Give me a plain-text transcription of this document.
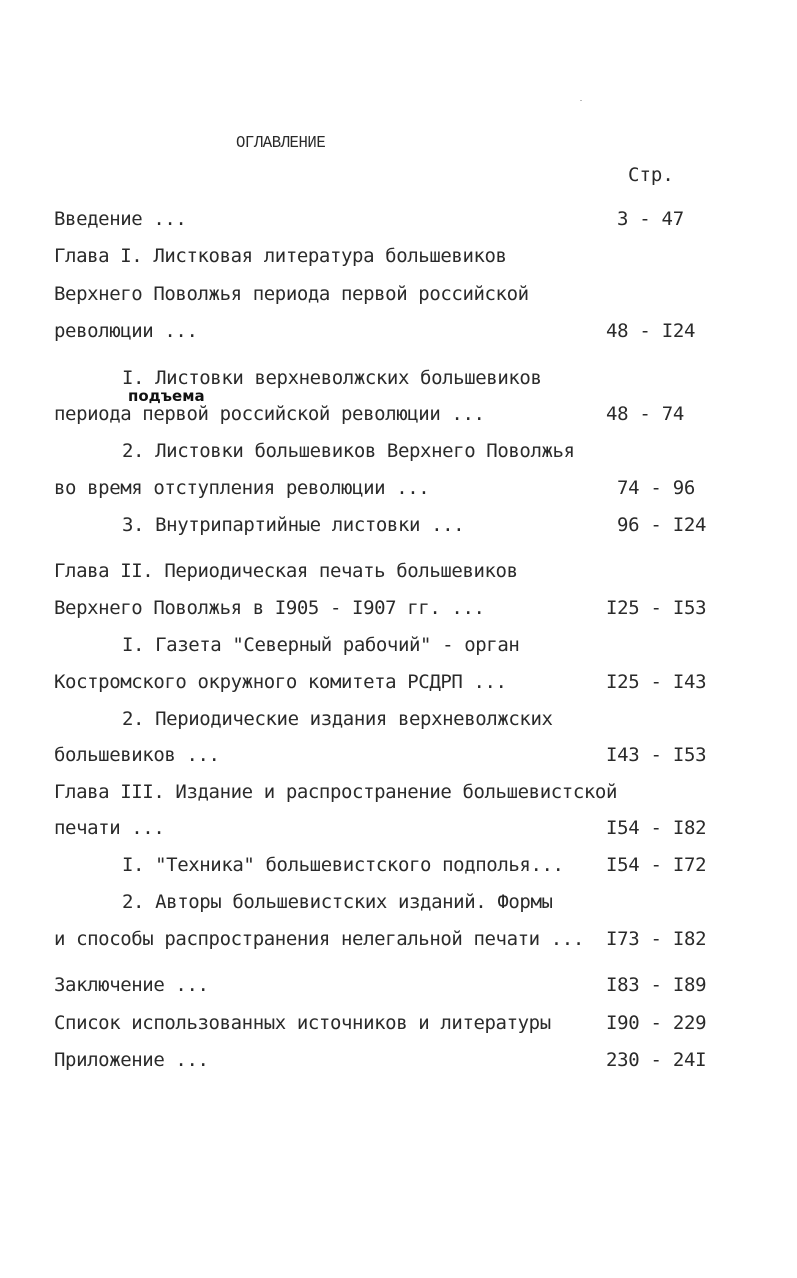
ОГЛАВЛЕНИЕ
Стр.
Введение ...	3 - 47
Глава I. Листковая литература большевиков
Верхнего Поволжья периода первой российской
революции ...	48 - I24
I. Листовки верхневолжских большевиков
подъема
периода первой российской революции ...	48 - 74
2. Листовки большевиков Верхнего Поволжья
во время отступления революции ...	74 - 96
3. Внутрипартийные листовки ...	96 - I24
Глава II. Периодическая печать большевиков
Верхнего Поволжья в I905 - I907 гг. ...	I25 - I53
I. Газета "Северный рабочий" - орган
Костромского окружного комитета РСДРП ...	I25 - I43
2. Периодические издания верхневолжских
большевиков ...	I43 - I53
Глава III. Издание и распространение большевистской
печати ...	I54 - I82
I. "Техника" большевистского подполья... I54 - I72
2. Авторы большевистских изданий. Формы
и способы распространения нелегальной печати ... I73 - I82
Заключение ...	I83 - I89
Список использованных источников и литературы	I90 - 229
Приложение ...	230 - 24I
